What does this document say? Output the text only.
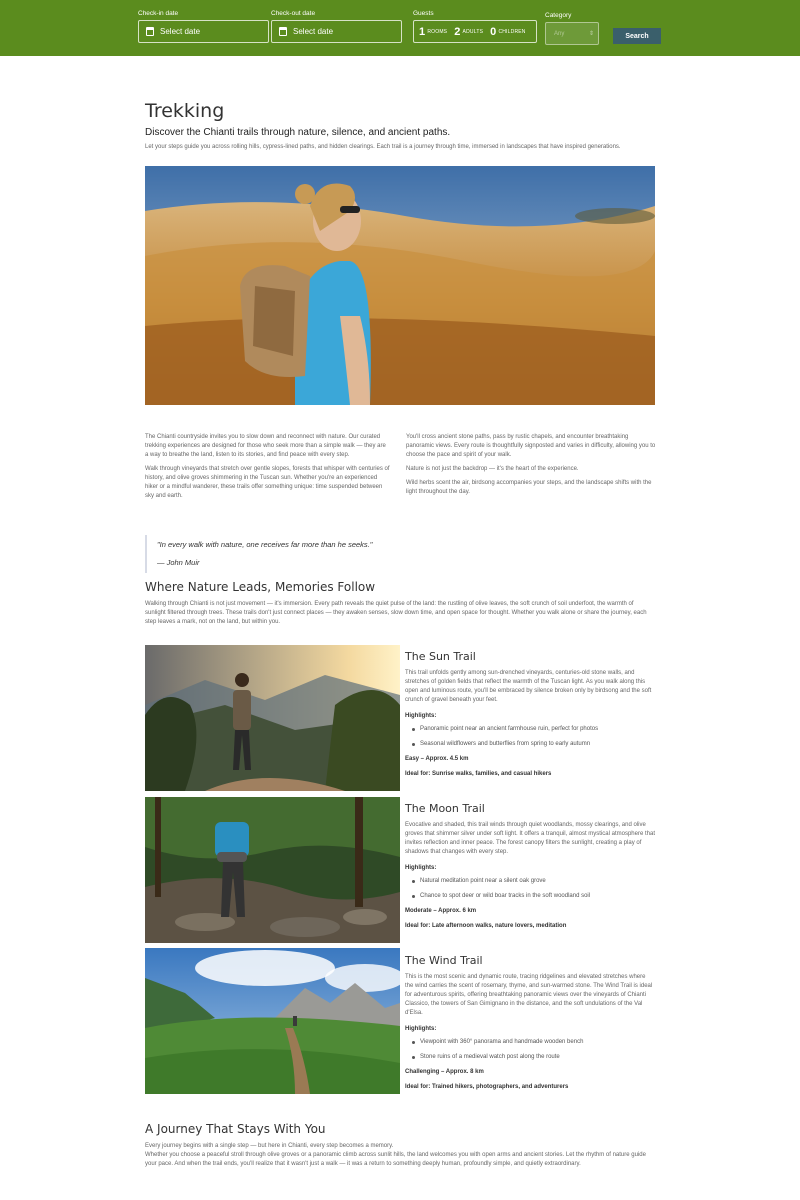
Check-in date
Select date
Check-out date
Select date
Guests
1 ROOMS 2 ADULTS 0 CHILDREN
Category
Any	⇕	Search
Trekking
Discover the Chianti trails through nature, silence, and ancient paths.
Let your steps guide you across rolling hills, cypress-lined paths, and hidden clearings. Each trail is a journey through time, immersed in landscapes that have inspired generations.

The Chianti countryside invites you to slow down and reconnect with nature. Our curated trekking experiences are designed for those who seek more than a simple walk — they are a way to breathe the land, listen to its stories, and find peace with every step.

Walk through vineyards that stretch over gentle slopes, forests that whisper with centuries of history, and olive groves shimmering in the Tuscan sun. Whether you're an experienced hiker or a mindful wanderer, these trails offer something unique: time suspended between sky and earth.

You'll cross ancient stone paths, pass by rustic chapels, and encounter breathtaking panoramic views. Every route is thoughtfully signposted and varies in difficulty, allowing you to choose the pace and spirit of your walk.

Nature is not just the backdrop — it's the heart of the experience.

Wild herbs scent the air, birdsong accompanies your steps, and the landscape shifts with the light throughout the day.

"In every walk with nature, one receives far more than he seeks."
— John Muir
Where Nature Leads, Memories Follow
Walking through Chianti is not just movement — it's immersion. Every path reveals the quiet pulse of the land: the rustling of olive leaves, the soft crunch of soil underfoot, the warmth of sunlight filtered through trees. These trails don't just connect places — they awaken senses, slow down time, and open space for thought. Whether you walk alone or share the journey, each step leaves a mark, not on the land, but within you.
The Sun Trail
This trail unfolds gently among sun-drenched vineyards, centuries-old stone walls, and stretches of golden fields that reflect the warmth of the Tuscan light. As you walk along this open and luminous route, you'll be embraced by silence broken only by birdsong and the soft crunch of gravel beneath your feet.
Highlights:
Panoramic point near an ancient farmhouse ruin, perfect for photos
Seasonal wildflowers and butterflies from spring to early autumn
Easy – Approx. 4.5 km
Ideal for: Sunrise walks, families, and casual hikers
The Moon Trail
Evocative and shaded, this trail winds through quiet woodlands, mossy clearings, and olive groves that shimmer silver under soft light. It offers a tranquil, almost mystical atmosphere that invites reflection and inner peace. The forest canopy filters the sunlight, creating a play of shadows that changes with every step.
Highlights:
Natural meditation point near a silent oak grove
Chance to spot deer or wild boar tracks in the soft woodland soil
Moderate – Approx. 6 km
Ideal for: Late afternoon walks, nature lovers, meditation
The Wind Trail
This is the most scenic and dynamic route, tracing ridgelines and elevated stretches where the wind carries the scent of rosemary, thyme, and sun-warmed stone. The Wind Trail is ideal for adventurous spirits, offering breathtaking panoramic views over the vineyards of Chianti Classico, the towers of San Gimignano in the distance, and the soft undulations of the Val d'Elsa.
Highlights:
Viewpoint with 360° panorama and handmade wooden bench
Stone ruins of a medieval watch post along the route
Challenging – Approx. 8 km
Ideal for: Trained hikers, photographers, and adventurers
A Journey That Stays With You
Every journey begins with a single step — but here in Chianti, every step becomes a memory.
Whether you choose a peaceful stroll through olive groves or a panoramic climb across sunlit hills, the land welcomes you with open arms and ancient stories. Let the rhythm of nature guide your pace. And when the trail ends, you'll realize that it wasn't just a walk — it was a return to something deeply human, profoundly simple, and quietly extraordinary.
